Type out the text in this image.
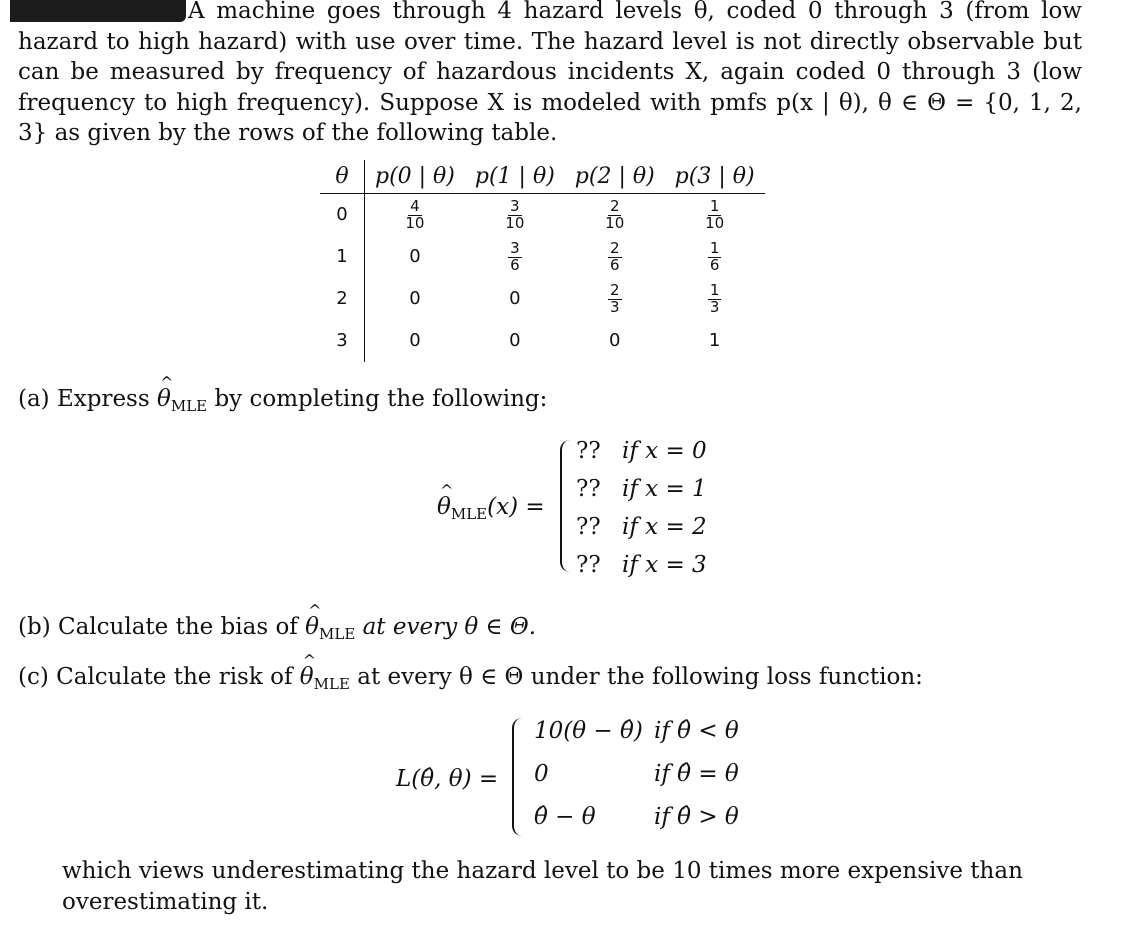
A machine goes through 4 hazard levels θ, coded 0 through 3 (from low hazard to high hazard) with use over time. The hazard level is not directly observable but can be measured by frequency of hazardous incidents X, again coded 0 through 3 (low frequency to high frequency). Suppose X is modeled with pmfs p(x | θ), θ ∈ Θ = {0, 1, 2, 3} as given by the rows of the following table.
θ	p(0 | θ)	p(1 | θ)	p(2 | θ)	p(3 | θ)
0	$\frac{4}{10}$	$\frac{3}{10}$	$\frac{2}{10}$	$\frac{1}{10}$

1	0	$\frac{3}{6}$	$\frac{2}{6}$	$\frac{1}{6}$

2	0	0	$\frac{2}{3}$	$\frac{1}{3}$

3	0	0	0	1
(a) Express ^ $\theta_{MLE}$ by completing the following:
^ $\theta_{MLE}(x)$ =
?? if x = 0
?? if x = 1
?? if x = 2
?? if x = 3
(b) Calculate the bias of ^ $\theta_{MLE}$ at every θ ∈ Θ.
(c) Calculate the risk of ^ $\theta_{MLE}$ at every θ ∈ Θ under the following loss function:
L(θ̂, θ) =
10(θ − θ̂) if θ̂ < θ
0	if θ̂ = θ
θ̂ − θ	if θ̂ > θ
which views underestimating the hazard level to be 10 times more expensive than overestimating it.
